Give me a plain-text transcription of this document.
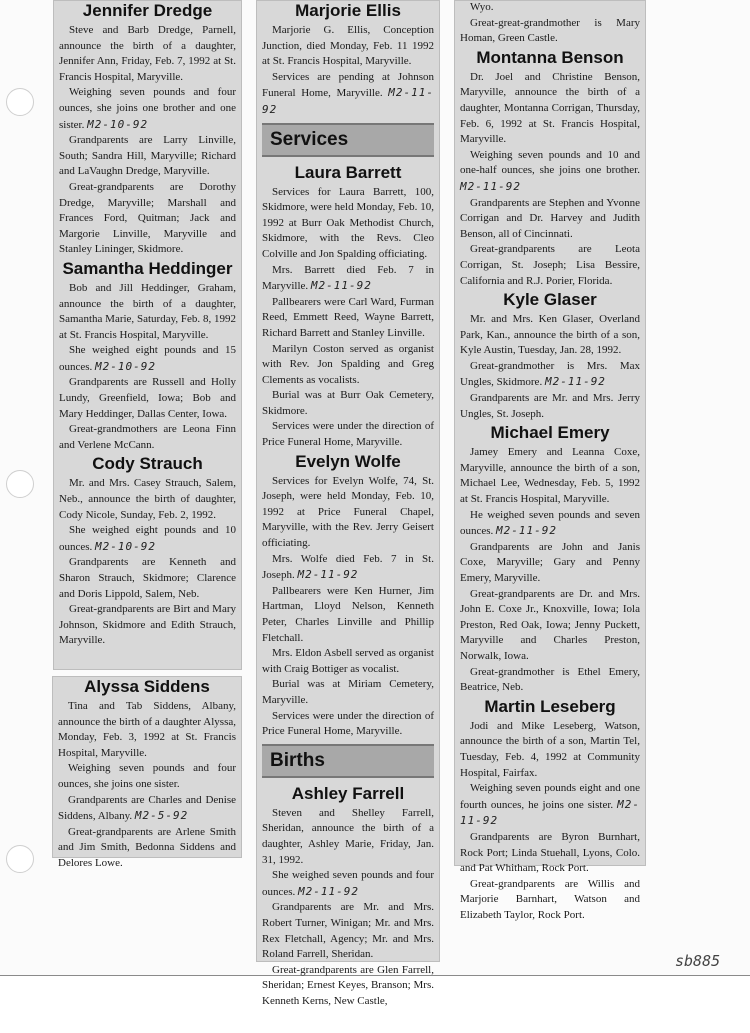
Jennifer Dredge

Steve and Barb Dredge, Parnell, announce the birth of a daughter, Jennifer Ann, Friday, Feb. 7, 1992 at St. Francis Hospital, Maryville.

Weighing seven pounds and four ounces, she joins one brother and one sister. M2-10-92

Grandparents are Larry Linville, South; Sandra Hill, Maryville; Richard and LaVaughn Dredge, Maryville.

Great-grandparents are Dorothy Dredge, Maryville; Marshall and Frances Ford, Quitman; Jack and Margorie Linville, Maryville and Stanley Lininger, Skidmore.

Samantha Heddinger

Bob and Jill Heddinger, Graham, announce the birth of a daughter, Samantha Marie, Saturday, Feb. 8, 1992 at St. Francis Hospital, Maryville.

She weighed eight pounds and 15 ounces. M2-10-92

Grandparents are Russell and Holly Lundy, Greenfield, Iowa; Bob and Mary Heddinger, Dallas Center, Iowa.

Great-grandmothers are Leona Finn and Verlene McCann.

Cody Strauch

Mr. and Mrs. Casey Strauch, Salem, Neb., announce the birth of daughter, Cody Nicole, Sunday, Feb. 2, 1992.

She weighed eight pounds and 10 ounces. M2-10-92

Grandparents are Kenneth and Sharon Strauch, Skidmore; Clarence and Doris Lippold, Salem, Neb.

Great-grandparents are Birt and Mary Johnson, Skidmore and Edith Strauch, Maryville.

Alyssa Siddens

Tina and Tab Siddens, Albany, announce the birth of a daughter Alyssa, Monday, Feb. 3, 1992 at St. Francis Hospital, Maryville.

Weighing seven pounds and four ounces, she joins one sister.

Grandparents are Charles and Denise Siddens, Albany. M2-5-92

Great-grandparents are Arlene Smith and Jim Smith, Bedonna Siddens and Delores Lowe.

Marjorie Ellis

Marjorie G. Ellis, Conception Junction, died Monday, Feb. 11 1992 at St. Francis Hospital, Maryville.

Services are pending at Johnson Funeral Home, Maryville. M2-11-92

Services
Laura Barrett

Services for Laura Barrett, 100, Skidmore, were held Monday, Feb. 10, 1992 at Burr Oak Methodist Church, Skidmore, with the Revs. Cleo Colville and Jon Spalding officiating.

Mrs. Barrett died Feb. 7 in Maryville. M2-11-92

Pallbearers were Carl Ward, Furman Reed, Emmett Reed, Wayne Barrett, Richard Barrett and Stanley Linville.

Marilyn Coston served as organist with Rev. Jon Spalding and Greg Clements as vocalists.

Burial was at Burr Oak Cemetery, Skidmore.

Services were under the direction of Price Funeral Home, Maryville.

Evelyn Wolfe

Services for Evelyn Wolfe, 74, St. Joseph, were held Monday, Feb. 10, 1992 at Price Funeral Chapel, Maryville, with the Rev. Jerry Geisert officiating.

Mrs. Wolfe died Feb. 7 in St. Joseph. M2-11-92

Pallbearers were Ken Hurner, Jim Hartman, Lloyd Nelson, Kenneth Peter, Charles Linville and Phillip Fletchall.

Mrs. Eldon Asbell served as organist with Craig Bottiger as vocalist.

Burial was at Miriam Cemetery, Maryville.

Services were under the direction of Price Funeral Home, Maryville.

Births
Ashley Farrell

Steven and Shelley Farrell, Sheridan, announce the birth of a daughter, Ashley Marie, Friday, Jan. 31, 1992.

She weighed seven pounds and four ounces. M2-11-92

Grandparents are Mr. and Mrs. Robert Turner, Winigan; Mr. and Mrs. Rex Fletchall, Agency; Mr. and Mrs. Roland Farrell, Sheridan.

Great-grandparents are Glen Farrell, Sheridan; Ernest Keyes, Branson; Mrs. Kenneth Kerns, New Castle,

Wyo.

Great-great-grandmother is Mary Homan, Green Castle.

Montanna Benson

Dr. Joel and Christine Benson, Maryville, announce the birth of a daughter, Montanna Corrigan, Thursday, Feb. 6, 1992 at St. Francis Hospital, Maryville.

Weighing seven pounds and 10 and one-half ounces, she joins one brother. M2-11-92

Grandparents are Stephen and Yvonne Corrigan and Dr. Harvey and Judith Benson, all of Cincinnati.

Great-grandparents are Leota Corrigan, St. Joseph; Lisa Bessire, California and R.J. Porier, Florida.

Kyle Glaser

Mr. and Mrs. Ken Glaser, Overland Park, Kan., announce the birth of a son, Kyle Austin, Tuesday, Jan. 28, 1992.

Great-grandmother is Mrs. Max Ungles, Skidmore. M2-11-92

Grandparents are Mr. and Mrs. Jerry Ungles, St. Joseph.

Michael Emery

Jamey Emery and Leanna Coxe, Maryville, announce the birth of a son, Michael Lee, Wednesday, Feb. 5, 1992 at St. Francis Hospital, Maryville.

He weighed seven pounds and seven ounces. M2-11-92

Grandparents are John and Janis Coxe, Maryville; Gary and Penny Emery, Maryville.

Great-grandparents are Dr. and Mrs. John E. Coxe Jr., Knoxville, Iowa; Iola Preston, Red Oak, Iowa; Jenny Puckett, Maryville and Charles Preston, Norwalk, Iowa.

Great-grandmother is Ethel Emery, Beatrice, Neb.

Martin Leseberg

Jodi and Mike Leseberg, Watson, announce the birth of a son, Martin Tel, Tuesday, Feb. 4, 1992 at Community Hospital, Fairfax.

Weighing seven pounds eight and one fourth ounces, he joins one sister. M2-11-92

Grandparents are Byron Burnhart, Rock Port; Linda Stuehall, Lyons, Colo. and Pat Whitham, Rock Port.

Great-grandparents are Willis and Marjorie Barnhart, Watson and Elizabeth Taylor, Rock Port.

sb885
